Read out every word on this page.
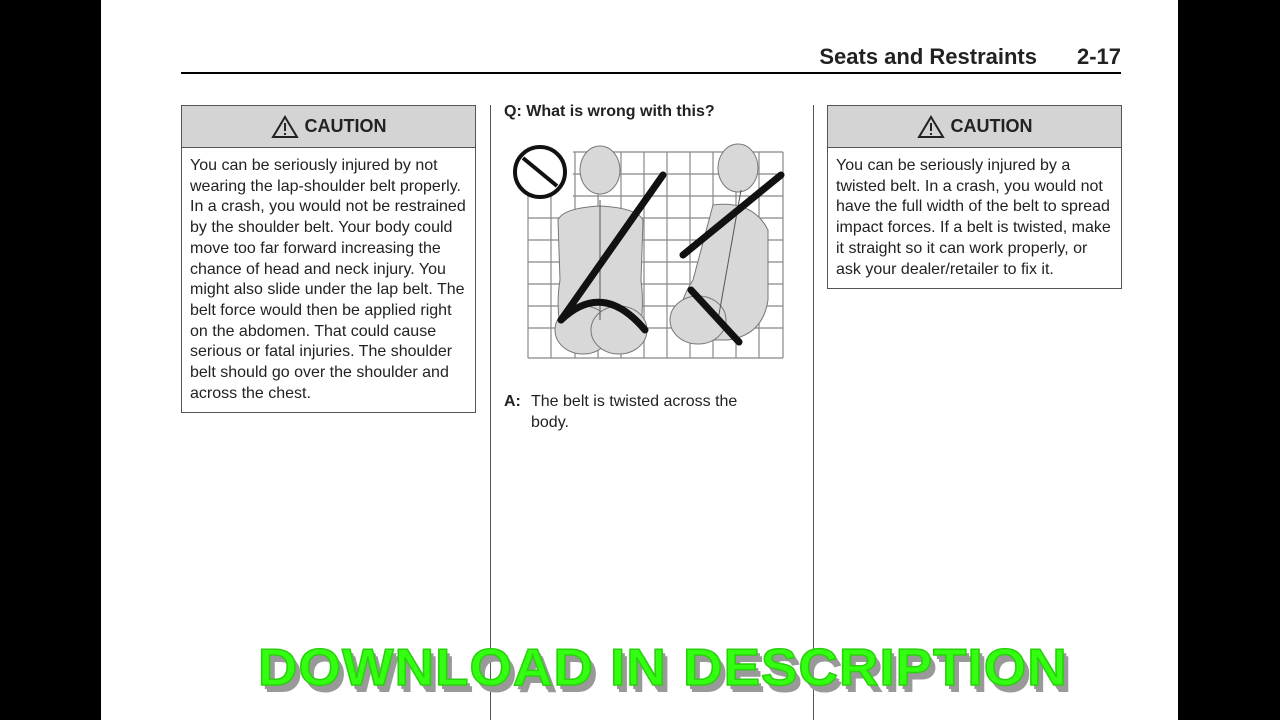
Seats and Restraints 2-17
CAUTION
You can be seriously injured by not wearing the lap-shoulder belt properly. In a crash, you would not be restrained by the shoulder belt. Your body could move too far forward increasing the chance of head and neck injury. You might also slide under the lap belt. The belt force would then be applied right on the abdomen. That could cause serious or fatal injuries. The shoulder belt should go over the shoulder and across the chest.
Q: What is wrong with this?
A: The belt is twisted across the body.
CAUTION
You can be seriously injured by a twisted belt. In a crash, you would not have the full width of the belt to spread impact forces. If a belt is twisted, make it straight so it can work properly, or ask your dealer/retailer to fix it.
DOWNLOAD IN DESCRIPTION
